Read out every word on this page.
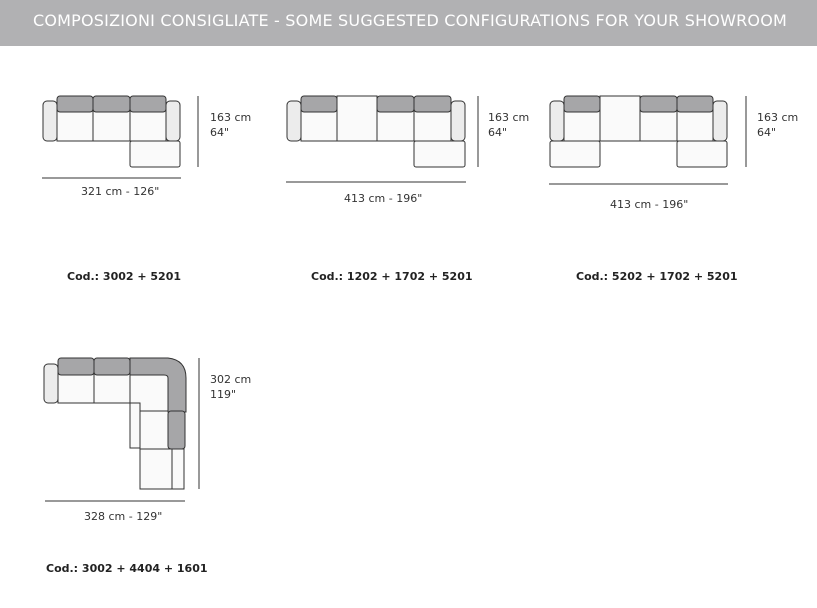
COMPOSIZIONI CONSIGLIATE - SOME SUGGESTED CONFIGURATIONS FOR YOUR SHOWROOM
163 cm
64"
321 cm - 126"
Cod.: 3002 + 5201
163 cm
64"
413 cm - 196"
Cod.: 1202 + 1702 + 5201
163 cm
64"
413 cm - 196"
Cod.: 5202 + 1702 + 5201
302 cm
119"
328 cm - 129"
Cod.: 3002 + 4404 + 1601
